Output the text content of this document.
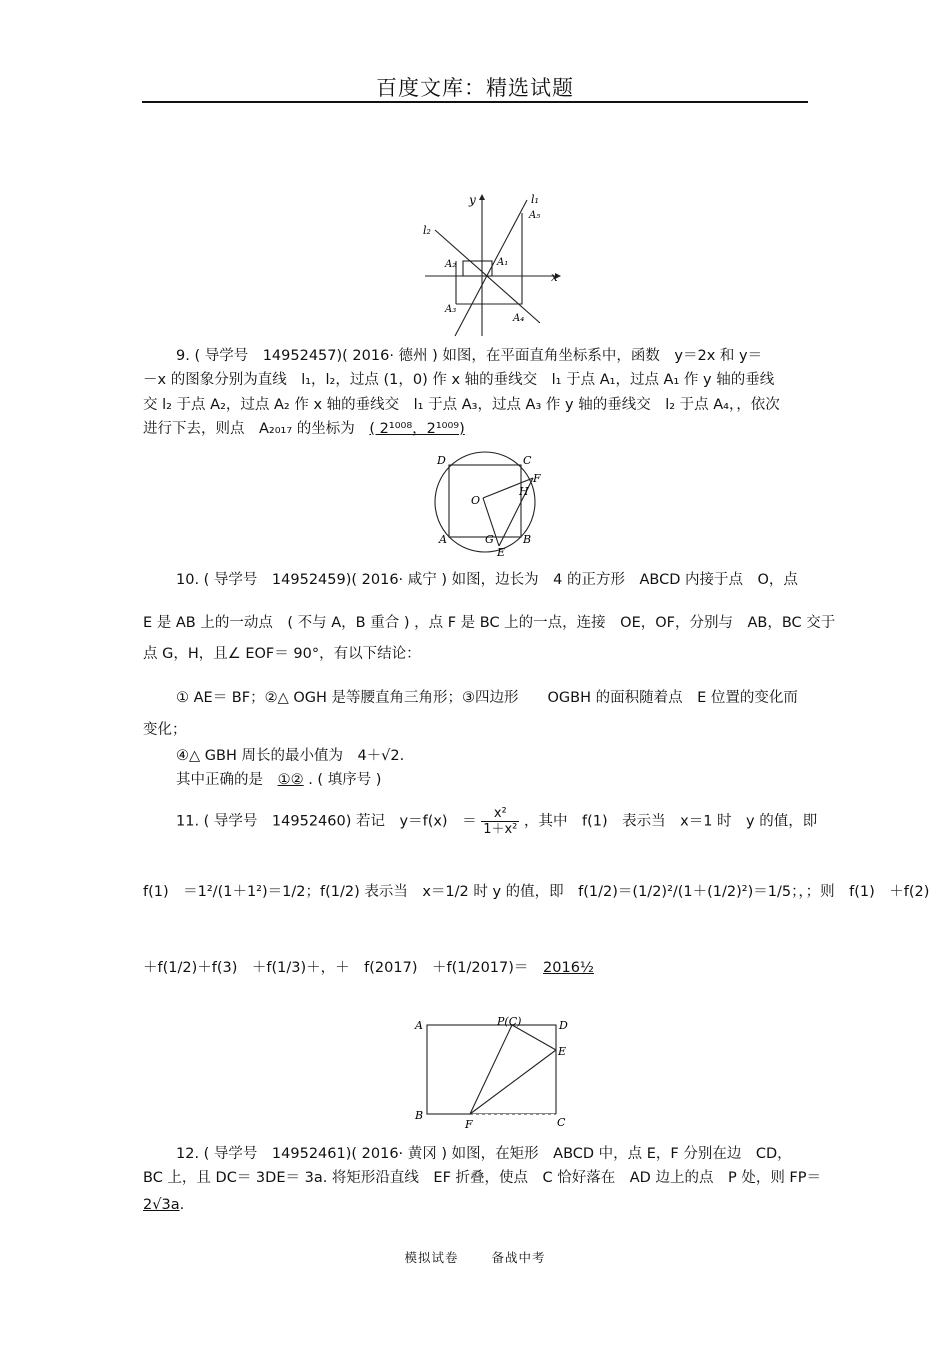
百度文库：精选试题
y
x
l₁
l₂
A₁
A₂
A₃
A₄
A₅
9. ( 导学号　14952457)( 2016· 德州 ) 如图，在平面直角坐标系中，函数　y＝2x 和 y＝
－x 的图象分别为直线　l₁，l₂，过点 (1，0) 作 x 轴的垂线交　l₁ 于点 A₁，过点 A₁ 作 y 轴的垂线
交 l₂ 于点 A₂，过点 A₂ 作 x 轴的垂线交　l₁ 于点 A₃，过点 A₃ 作 y 轴的垂线交　l₂ 于点 A₄，，依次
进行下去，则点　A₂₀₁₇ 的坐标为 ( 2¹⁰⁰⁸，2¹⁰⁰⁹)
D	C
F
H
O
A	G	B
E
10. ( 导学号　14952459)( 2016· 咸宁 ) 如图，边长为　4 的正方形　ABCD 内接于点　O，点
E 是 AB 上的一动点　( 不与 A，B 重合 ) ，点 F 是 BC 上的一点，连接　OE，OF，分别与　AB，BC 交于
点 G，H，且∠ EOF＝ 90°，有以下结论：
① AE＝ BF；②△ OGH 是等腰直角三角形；③四边形　　OGBH 的面积随着点　E 位置的变化而
变化；
④△ GBH 周长的最小值为　4＋√2.
其中正确的是 ①② . ( 填序号 )
11. ( 导学号　14952460) 若记　y＝f(x)　＝ $\frac{\text{x²}}{\text{1＋x²}}$ ，其中　f(1)　表示当　x＝1 时　y 的值，即
f(1)　＝1²/(1＋1²)＝1/2；f(1/2) 表示当　x＝1/2 时 y 的值，即　f(1/2)＝(1/2)²/(1＋(1/2)²)＝1/5；，；则　f(1)　＋f(2)
＋f(1/2)＋f(3)　＋f(1/3)＋，＋　f(2017)　＋f(1/2017)＝ 2016½
A	P(C)	D
E
B
F	C
12. ( 导学号　14952461)( 2016· 黄冈 ) 如图，在矩形　ABCD 中，点 E，F 分别在边　CD，
BC 上，且 DC＝ 3DE＝ 3a. 将矩形沿直线　EF 折叠，使点　C 恰好落在　AD 边上的点　P 处，则 FP＝
2√3a.
模拟试卷	备战中考
